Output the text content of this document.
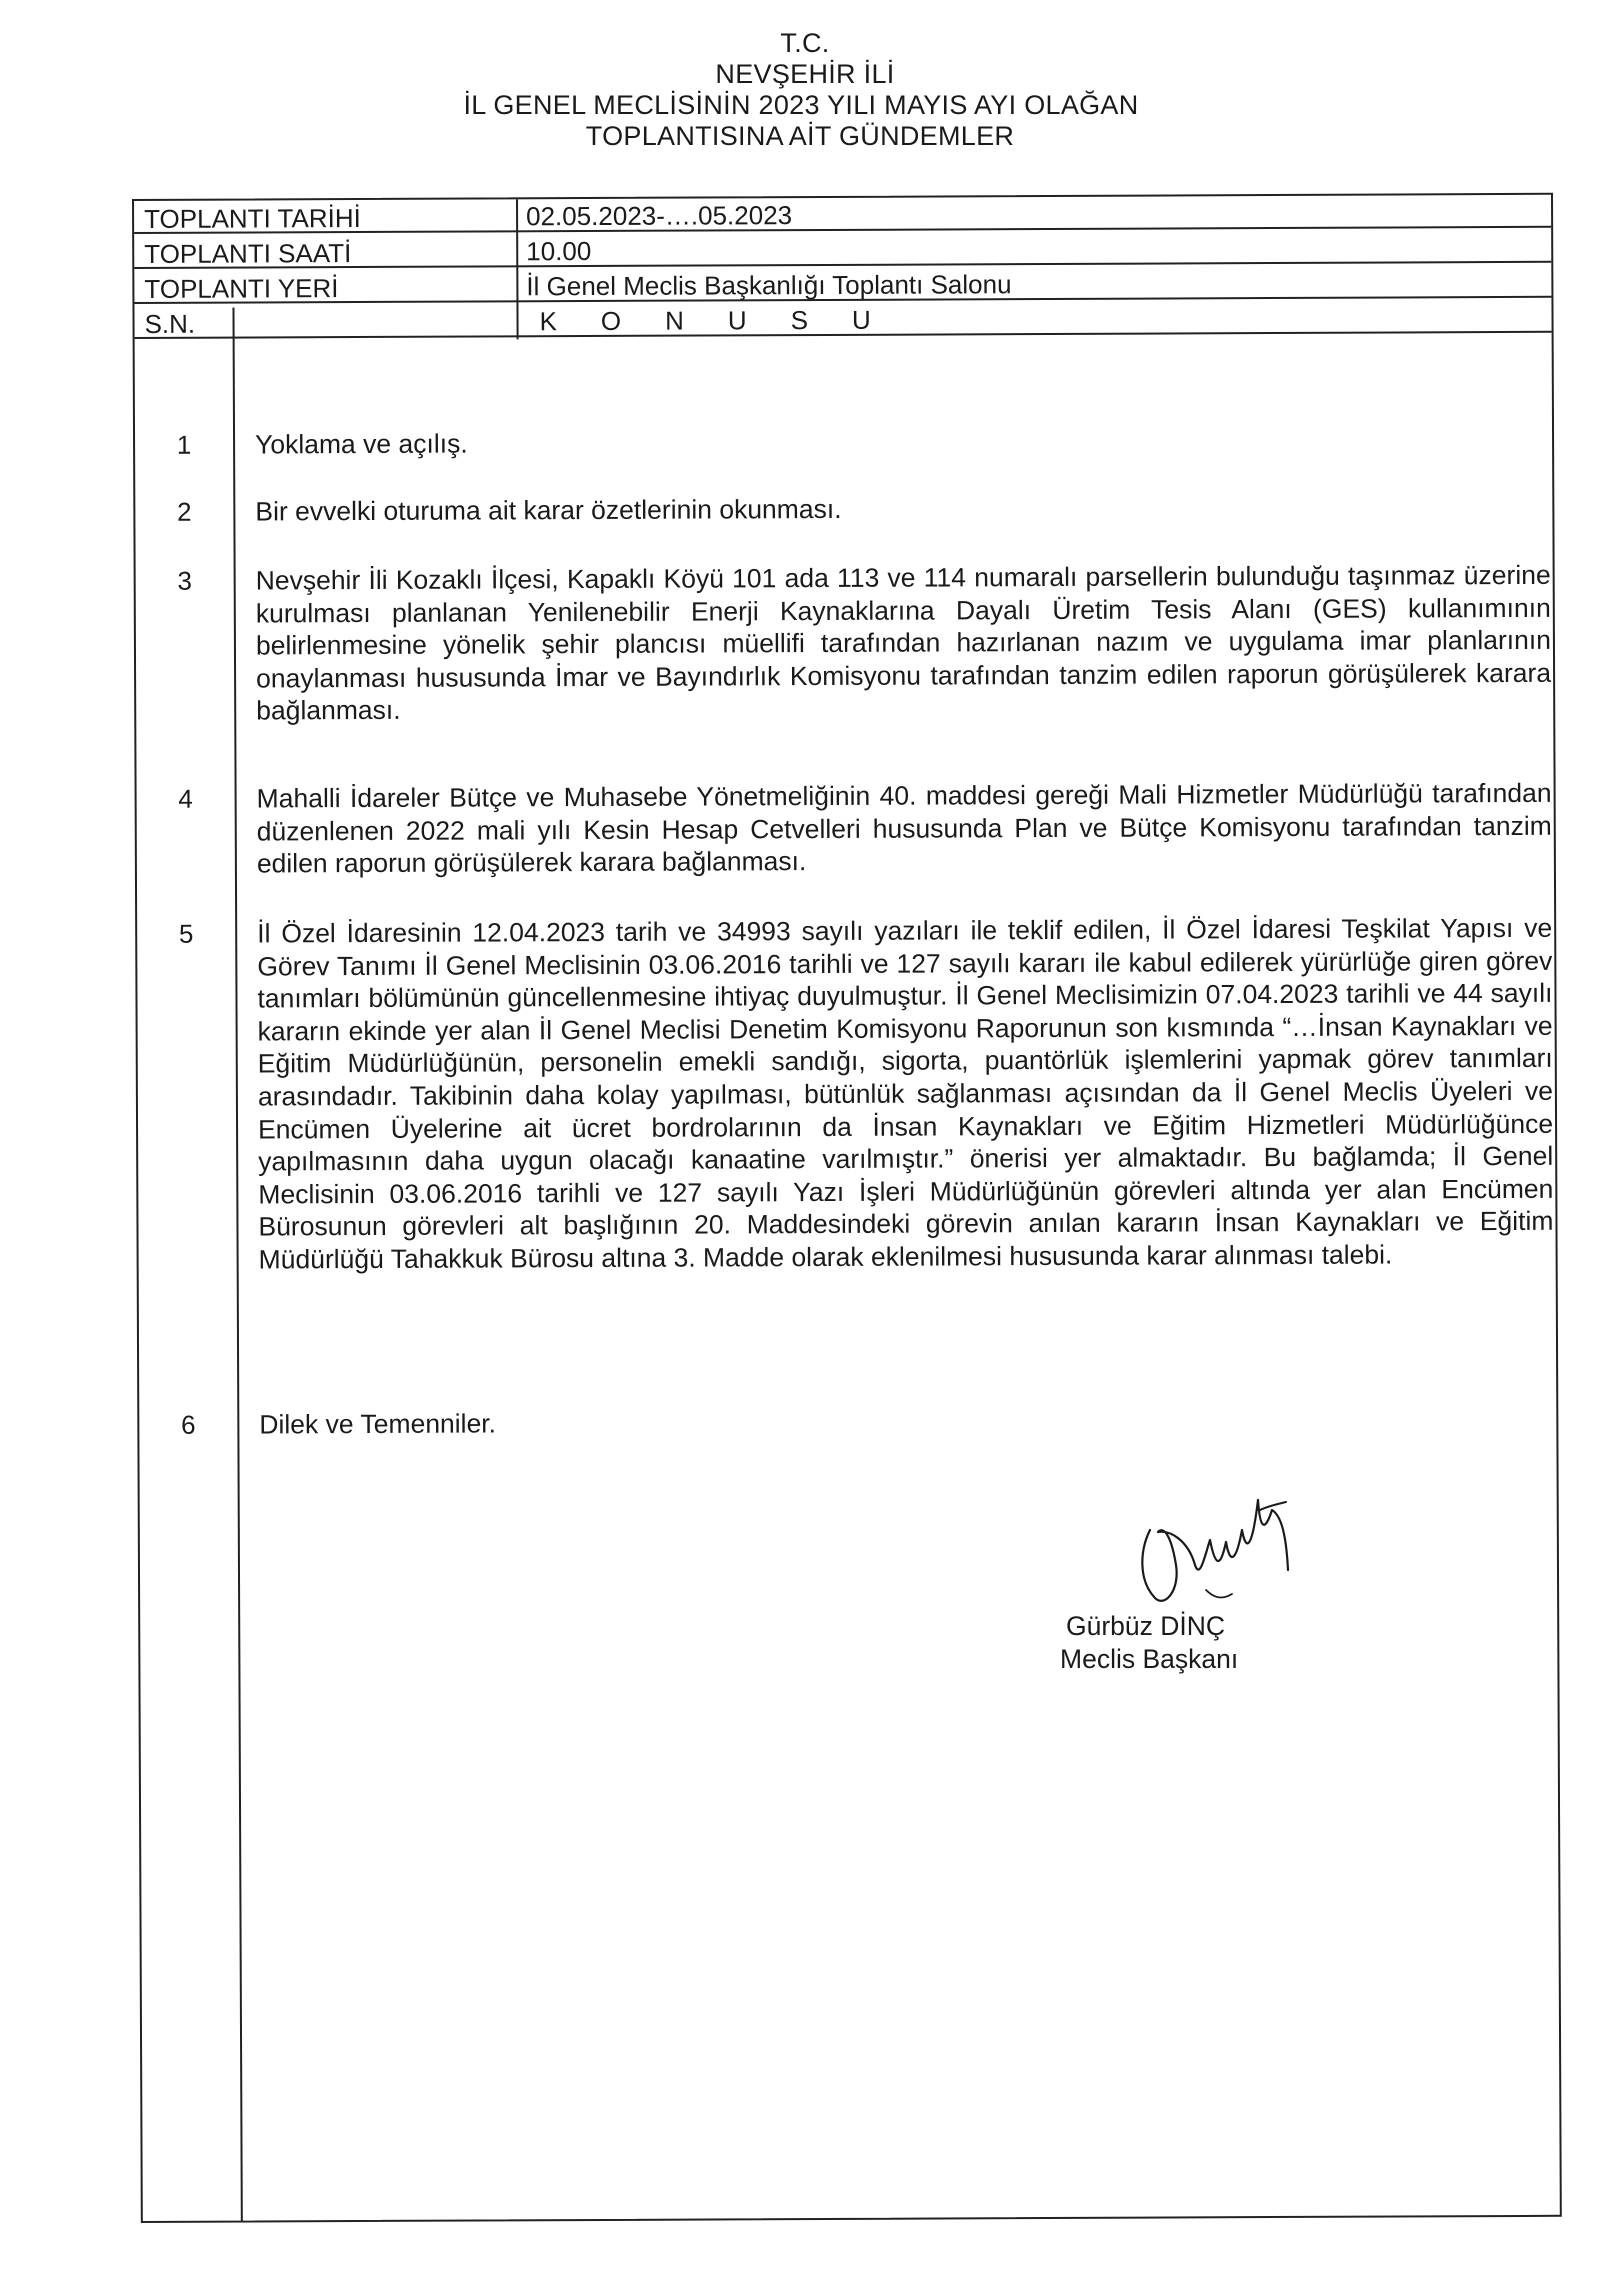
T.C.
NEVŞEHİR İLİ
İL GENEL MECLİSİNİN 2023 YILI MAYIS AYI OLAĞAN
TOPLANTISINA AİT GÜNDEMLER
TOPLANTI TARİHİ	02.05.2023-….05.2023
TOPLANTI SAATİ	10.00
TOPLANTI YERİ	İl Genel Meclis Başkanlığı Toplantı Salonu
S.N.	KONUSU
1	Yoklama ve açılış.
2	Bir evvelki oturuma ait karar özetlerinin okunması.
3	Nevşehir İli Kozaklı İlçesi, Kapaklı Köyü 101 ada 113 ve 114 numaralı parsellerin bulunduğu taşınmaz üzerine kurulması planlanan Yenilenebilir Enerji Kaynaklarına Dayalı Üretim Tesis Alanı (GES) kullanımının belirlenmesine yönelik şehir plancısı müellifi tarafından hazırlanan nazım ve uygulama imar planlarının onaylanması hususunda İmar ve Bayındırlık Komisyonu tarafından tanzim edilen raporun görüşülerek karara bağlanması.
4	Mahalli İdareler Bütçe ve Muhasebe Yönetmeliğinin 40. maddesi gereği Mali Hizmetler Müdürlüğü tarafından düzenlenen 2022 mali yılı Kesin Hesap Cetvelleri hususunda Plan ve Bütçe Komisyonu tarafından tanzim edilen raporun görüşülerek karara bağlanması.
5	İl Özel İdaresinin 12.04.2023 tarih ve 34993 sayılı yazıları ile teklif edilen, İl Özel İdaresi Teşkilat Yapısı ve Görev Tanımı İl Genel Meclisinin 03.06.2016 tarihli ve 127 sayılı kararı ile kabul edilerek yürürlüğe giren görev tanımları bölümünün güncellenmesine ihtiyaç duyulmuştur. İl Genel Meclisimizin 07.04.2023 tarihli ve 44 sayılı kararın ekinde yer alan İl Genel Meclisi Denetim Komisyonu Raporunun son kısmında “…İnsan Kaynakları ve Eğitim Müdürlüğünün, personelin emekli sandığı, sigorta, puantörlük işlemlerini yapmak görev tanımları arasındadır. Takibinin daha kolay yapılması, bütünlük sağlanması açısından da İl Genel Meclis Üyeleri ve Encümen Üyelerine ait ücret bordrolarının da İnsan Kaynakları ve Eğitim Hizmetleri Müdürlüğünce yapılmasının daha uygun olacağı kanaatine varılmıştır.” önerisi yer almaktadır. Bu bağlamda; İl Genel Meclisinin 03.06.2016 tarihli ve 127 sayılı Yazı İşleri Müdürlüğünün görevleri altında yer alan Encümen Bürosunun görevleri alt başlığının 20. Maddesindeki görevin anılan kararın İnsan Kaynakları ve Eğitim Müdürlüğü Tahakkuk Bürosu altına 3. Madde olarak eklenilmesi hususunda karar alınması talebi.
6	Dilek ve Temenniler.
Gürbüz DİNÇ
Meclis Başkanı
